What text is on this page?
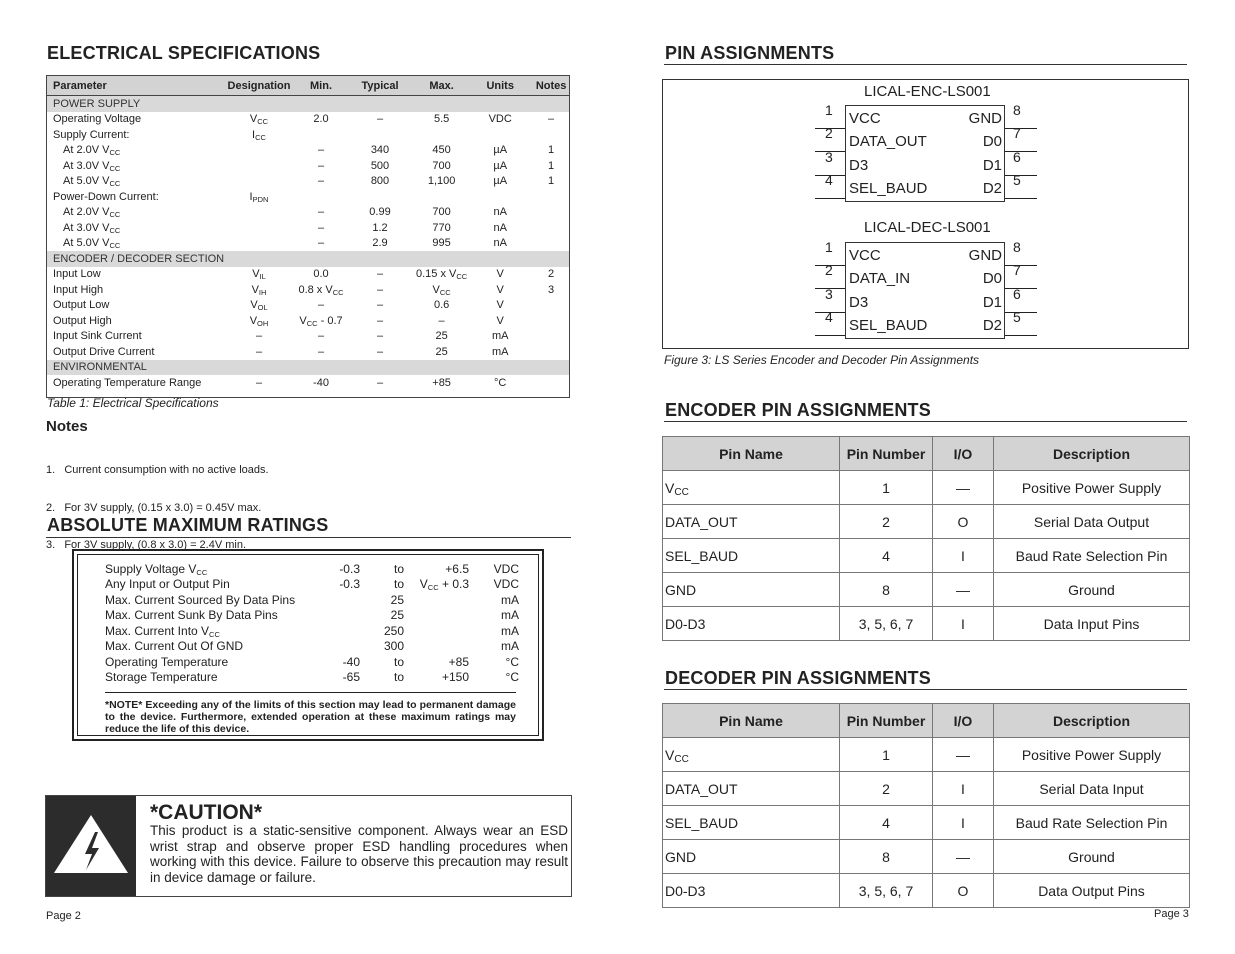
ELECTRICAL SPECIFICATIONS
Parameter	Designation	Min.	Typical	Max.	Units	Notes
POWER SUPPLY						
Operating Voltage	$V_{CC}$	2.0	–	5.5	VDC	–
Supply Current:	$I_{CC}$					
At 2.0V $V_{CC}$		–	340	450	µA	1
At 3.0V $V_{CC}$		–	500	700	µA	1
At 5.0V $V_{CC}$		–	800	1,100	µA	1
Power-Down Current:	$I_{PDN}$					
At 2.0V $V_{CC}$		–	0.99	700	nA	
At 3.0V $V_{CC}$		–	1.2	770	nA	
At 5.0V $V_{CC}$		–	2.9	995	nA	
ENCODER / DECODER SECTION						
Input Low	$V_{IL}$	0.0	–	0.15 x $V_{CC}$	V	2
Input High	$V_{IH}$	0.8 x $V_{CC}$	–	$V_{CC}$	V	3
Output Low	$V_{OL}$	–	–	0.6	V	
Output High	$V_{OH}$	$V_{CC} - 0.7$	–	–	V	
Input Sink Current	–	–	–	25	mA	
Output Drive Current	–	–	–	25	mA	
ENVIRONMENTAL						
Operating Temperature Range	–	-40	–	+85	°C	

Table 1: Electrical Specifications
Notes

1.   Current consumption with no active loads.

2.   For 3V supply, (0.15 x 3.0) = 0.45V max.

3.   For 3V supply, (0.8 x 3.0) = 2.4V min.

ABSOLUTE MAXIMUM RATINGS
Supply Voltage $V_{CC}$	-0.3	to	+6.5	VDC
Any Input or Output Pin	-0.3	to	$V_{CC} + 0.3$	VDC
Max. Current Sourced By Data Pins		25		mA
Max. Current Sunk By Data Pins		25		mA
Max. Current Into $V_{CC}$		250		mA
Max. Current Out Of GND		300		mA
Operating Temperature	-40	to	+85	°C
Storage Temperature	-65	to	+150	°C
*NOTE* Exceeding any of the limits of this section may lead to permanent damage to the device. Furthermore, extended operation at these maximum ratings may reduce the life of this device.
*CAUTION*
This product is a static-sensitive component. Always wear an ESD wrist strap and observe proper ESD handling procedures when working with this device. Failure to observe this precaution may result in device damage or failure.
Page 2
PIN ASSIGNMENTS
LICAL-ENC-LS001
LICAL-DEC-LS001
VCC	GND
1	8
DATA_OUT	D0
2	7
D3	D1
3	6
SEL_BAUD	D2
4	5
VCC	GND
1	8
DATA_IN	D0
2	7
D3	D1
3	6
SEL_BAUD	D2
4	5
Figure 3: LS Series Encoder and Decoder Pin Assignments
ENCODER PIN ASSIGNMENTS
Pin Name	Pin Number	I/O	Description
$V_{CC}$	1	—	Positive Power Supply
DATA_OUT	2	O	Serial Data Output
SEL_BAUD	4	I	Baud Rate Selection Pin
GND	8	—	Ground
D0-D3	3, 5, 6, 7	I	Data Input Pins
DECODER PIN ASSIGNMENTS
Pin Name	Pin Number	I/O	Description
$V_{CC}$	1	—	Positive Power Supply
DATA_OUT	2	I	Serial Data Input
SEL_BAUD	4	I	Baud Rate Selection Pin
GND	8	—	Ground
D0-D3	3, 5, 6, 7	O	Data Output Pins
Page 3
